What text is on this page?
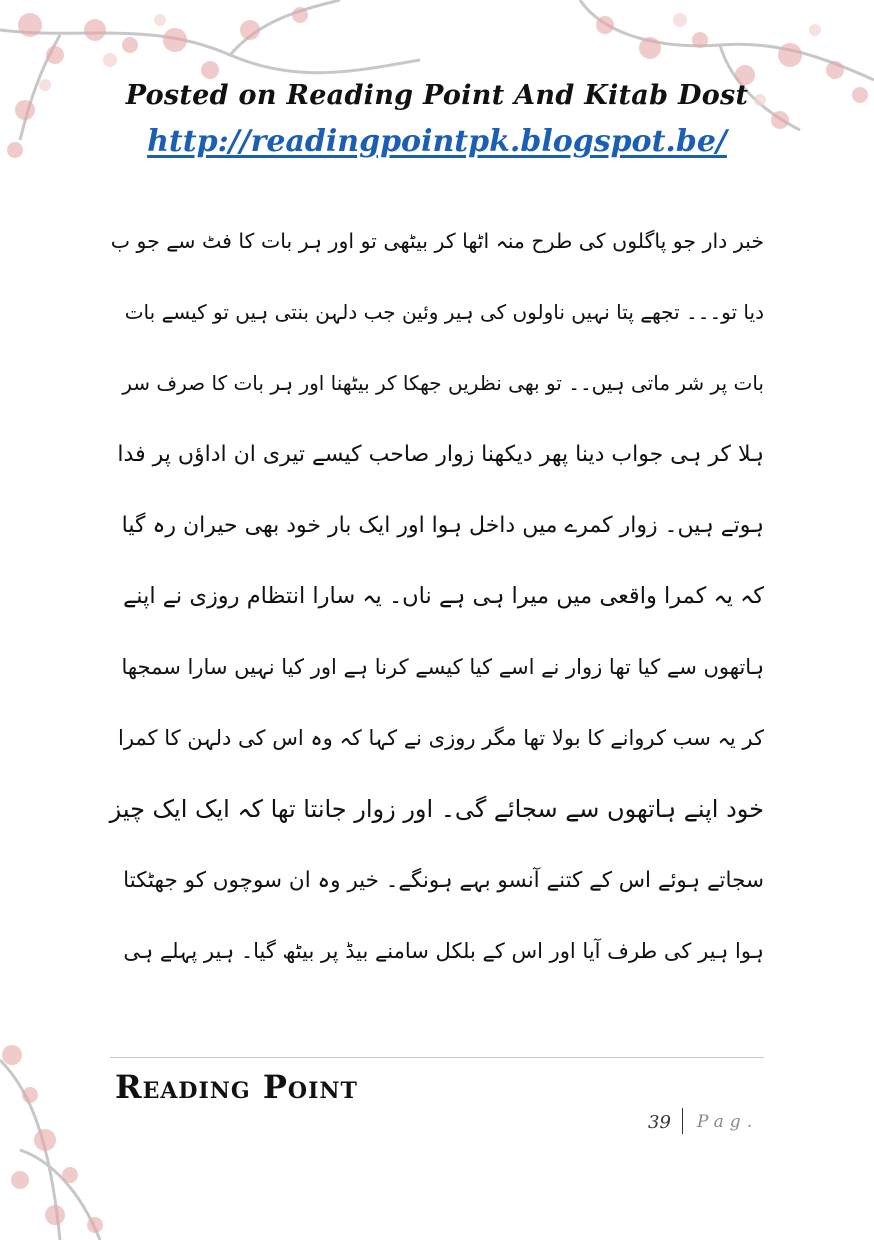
Posted on Reading Point And Kitab Dost
http://readingpointpk.blogspot.be/
خبر دار جو پاگلوں کی طرح منہ اٹھا کر بیٹھی تو اور ہر بات کا فٹ سے جو ب
دیا تو۔۔۔ تجھے پتا نہیں ناولوں کی ہیر وئین جب دلہن بنتی ہیں تو کیسے بات
بات پر شر ماتی ہیں۔۔ تو بھی نظریں جھکا کر بیٹھنا اور ہر بات کا صرف سر
ہلا کر ہی جواب دینا پھر دیکھنا زوار صاحب کیسے تیری ان اداؤں پر فدا
ہوتے ہیں۔ زوار کمرے میں داخل ہوا اور ایک بار خود بھی حیران رہ گیا
کہ یہ کمرا واقعی میں میرا ہی ہے ناں۔ یہ سارا انتظام روزی نے اپنے
ہاتھوں سے کیا تھا زوار نے اسے کیا کیسے کرنا ہے اور کیا نہیں سارا سمجھا
کر یہ سب کروانے کا بولا تھا مگر روزی نے کہا کہ وہ اس کی دلہن کا کمرا
خود اپنے ہاتھوں سے سجائے گی۔ اور زوار جانتا تھا کہ ایک ایک چیز
سجاتے ہوئے اس کے کتنے آنسو بہے ہونگے۔ خیر وہ ان سوچوں کو جھٹکتا
ہوا ہیر کی طرف آیا اور اس کے بلکل سامنے بیڈ پر بیٹھ گیا۔ ہیر پہلے ہی
Reading Point
39 Pag.
